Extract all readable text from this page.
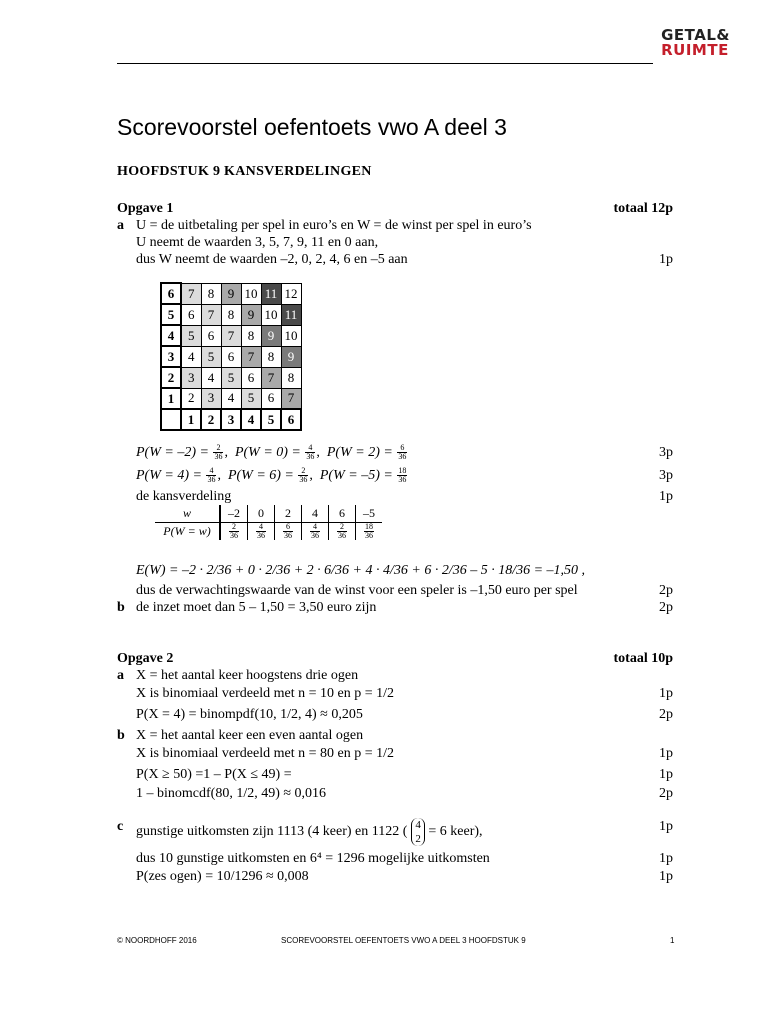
GETAL&
RUIMTE
Scorevoorstel oefentoets vwo A deel 3
HOOFDSTUK 9 KANSVERDELINGEN
Opgave 1	totaal 12p
a U = de uitbetaling per spel in euro’s en W = de winst per spel in euro’s
U neemt de waarden 3, 5, 7, 9, 11 en 0 aan,
dus W neemt de waarden –2, 0, 2, 4, 6 en –5 aan	1p
6	7	8	9	10	11	12
5	6	7	8	9	10	11
4	5	6	7	8	9	10
3	4	5	6	7	8	9
2	3	4	5	6	7	8
1	2	3	4	5	6	7
	1	2	3	4	5	6
$P(W = -2) = \frac{2}{36}$ ,  $P(W = 0) = \frac{4}{36}$ ,  $P(W = 2) = \frac{6}{36}$	3p
$P(W = 4) = \frac{4}{36}$ ,  $P(W = 6) = \frac{2}{36}$ ,  $P(W = -5) = \frac{18}{36}$	3p
de kansverdeling	1p
w	–2	0	2	4	6	–5
P(W = w)	$\frac{2}{36}$	$\frac{4}{36}$	$\frac{6}{36}$	$\frac{4}{36}$	$\frac{2}{36}$	$\frac{18}{36}$
E(W) = –2 · 2/36 + 0 · 2/36 + 2 · 6/36 + 4 · 4/36 + 6 · 2/36 – 5 · 18/36 = –1,50 ,
dus de verwachtingswaarde van de winst voor een speler is –1,50 euro per spel	2p
b de inzet moet dan 5 – 1,50 = 3,50 euro zijn	2p
Opgave 2	totaal 10p
a X = het aantal keer hoogstens drie ogen
X is binomiaal verdeeld met n = 10 en p = 1/2	1p
P(X = 4) = binompdf(10, 1/2, 4) ≈ 0,205	2p
b X = het aantal keer een even aantal ogen
X is binomiaal verdeeld met n = 80 en p = 1/2	1p
P(X ≥ 50) =1 – P(X ≤ 49) =	1p
1 – binomcdf(80, 1/2, 49) ≈ 0,016	2p
c gunstige uitkomsten zijn 1113 (4 keer) en 1122 ( 4
2 = 6 keer),	1p
dus 10 gunstige uitkomsten en 6⁴ = 1296 mogelijke uitkomsten	1p
P(zes ogen) = 10/1296 ≈ 0,008	1p
© NOORDHOFF 2016	SCOREVOORSTEL OEFENTOETS VWO A DEEL 3 HOOFDSTUK 9	1
